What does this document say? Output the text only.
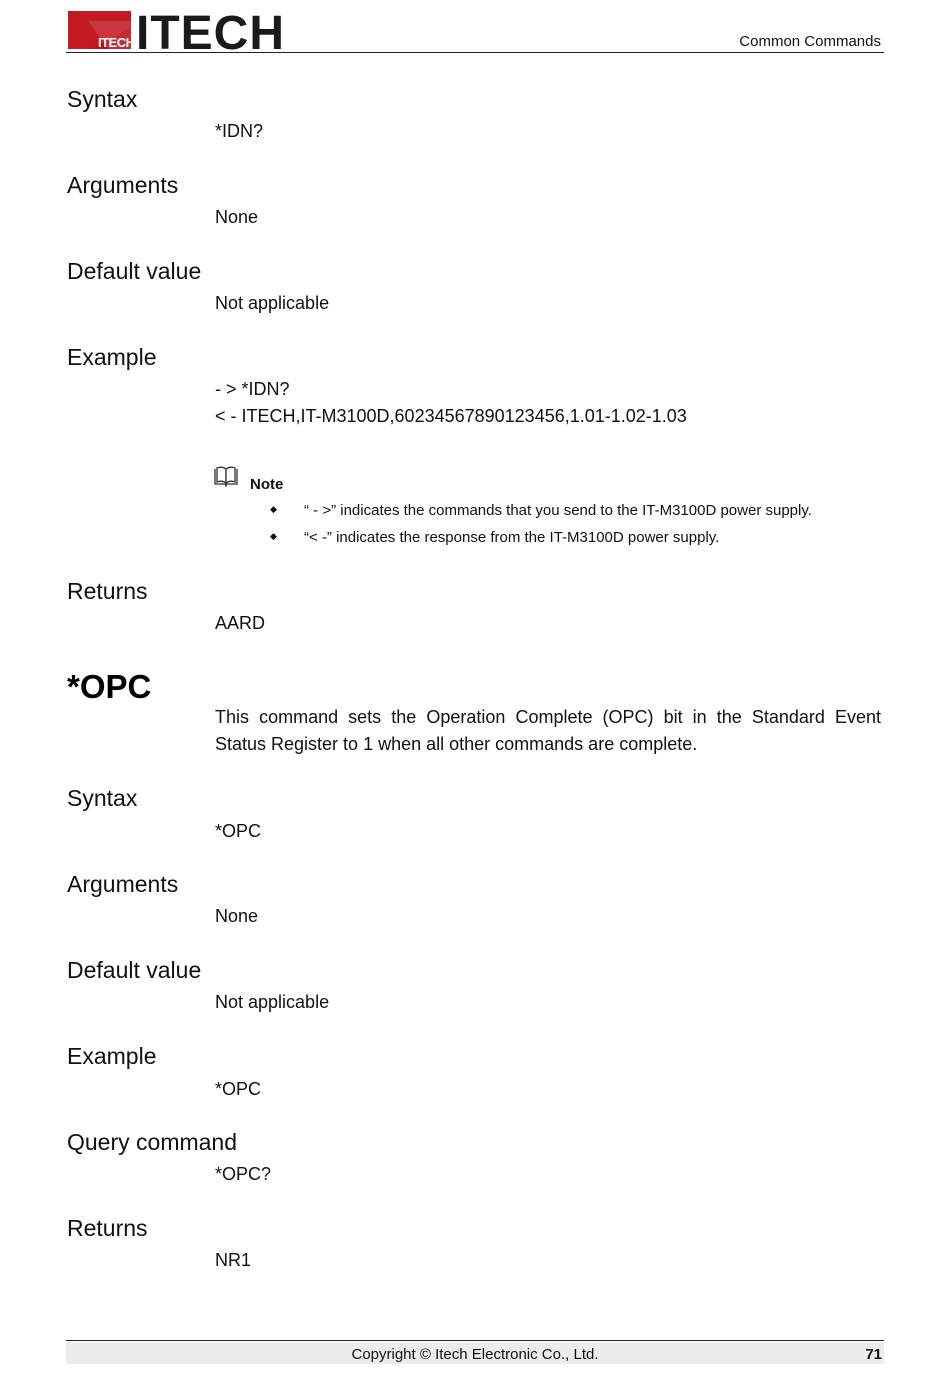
ITECH ITECH	Common Commands
Syntax
*IDN?
Arguments
None
Default value
Not applicable
Example
- > *IDN?
< - ITECH,IT-M3100D,60234567890123456,1.01-1.02-1.03
Note
◆ “ - >” indicates the commands that you send to the IT-M3100D power supply.
◆ “< -” indicates the response from the IT-M3100D power supply.
Returns
AARD
*OPC
This command sets the Operation Complete (OPC) bit in the Standard Event Status Register to 1 when all other commands are complete.
Syntax
*OPC
Arguments
None
Default value
Not applicable
Example
*OPC
Query command
*OPC?
Returns
NR1
Copyright © Itech Electronic Co., Ltd.	71
